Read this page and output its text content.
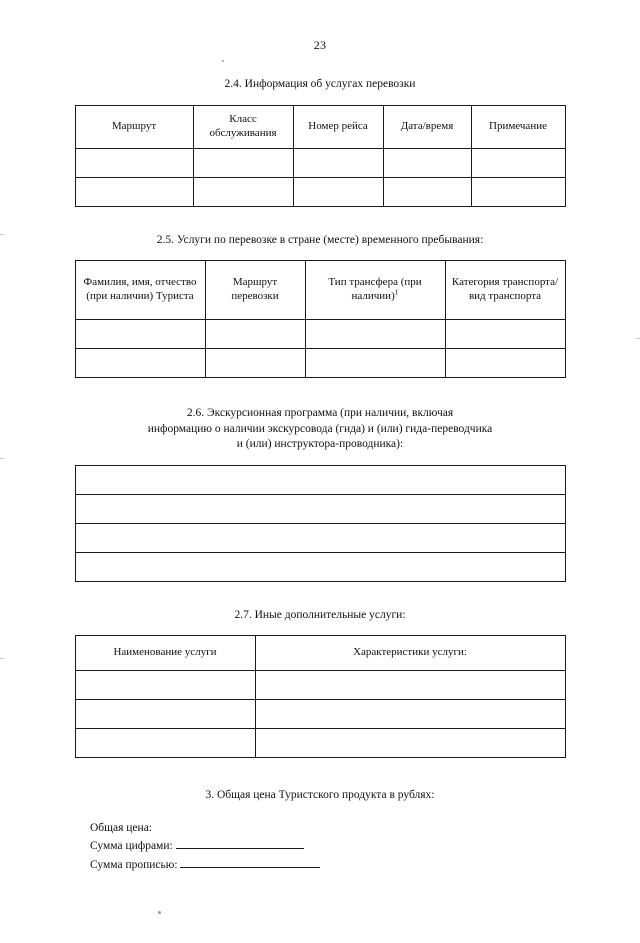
23
2.4. Информация об услугах перевозки
Маршрут	Класс обслуживания	Номер рейса	Дата/время	Примечание

2.5. Услуги по перевозке в стране (месте) временного пребывания:
Фамилия, имя, отчество (при наличии) Туриста	Маршрут перевозки	Тип трансфера (при наличии)$^1$	Категория транспорта/вид транспорта

2.6. Экскурсионная программа (при наличии, включая
информацию о наличии экскурсовода (гида) и (или) гида-переводчика
и (или) инструктора-проводника):

2.7. Иные дополнительные услуги:
Наименование услуги	Характеристики услуги:

3. Общая цена Туристского продукта в рублях:
Общая цена:
Сумма цифрами:
Сумма прописью:
